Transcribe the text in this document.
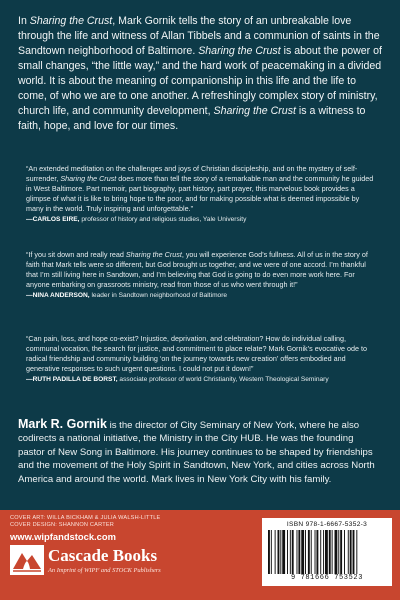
In Sharing the Crust, Mark Gornik tells the story of an unbreakable love through the life and witness of Allan Tibbels and a communion of saints in the Sandtown neighborhood of Baltimore. Sharing the Crust is about the power of small changes, “the little way,” and the hard work of peacemaking in a divided world. It is about the meaning of companionship in this life and the life to come, of who we are to one another. A refreshingly complex story of ministry, church life, and community development, Sharing the Crust is a witness to faith, hope, and love for our times.

“An extended meditation on the challenges and joys of Christian discipleship, and on the mystery of self-surrender, Sharing the Crust does more than tell the story of a remarkable man and the community he guided in West Baltimore. Part memoir, part biography, part history, part prayer, this marvelous book provides a glimpse of what it is like to bring hope to the poor, and for making possible what is deemed impossible by many in the world. Truly inspiring and unforgettable.”

—CARLOS EIRE, professor of history and religious studies, Yale University

“If you sit down and really read Sharing the Crust, you will experience God’s fullness. All of us in the story of faith that Mark tells were so different, but God brought us together, and we were of one accord. I’m thankful that I’m still living here in Sandtown, and I’m believing that God is going to do even more work here. For anyone embarking on grassroots ministry, read from those of us who went through it!”

—NINA ANDERSON, leader in Sandtown neighborhood of Baltimore

“Can pain, loss, and hope co-exist? Injustice, deprivation, and celebration? How do individual calling, communal vocation, the search for justice, and commitment to place relate? Mark Gornik’s evocative ode to radical friendship and community building ‘on the journey towards new creation’ offers embodied and generative responses to such urgent questions. I could not put it down!”

—RUTH PADILLA DE BORST, associate professor of world Christianity, Western Theological Seminary

Mark R. Gornik is the director of City Seminary of New York, where he also codirects a national initiative, the Ministry in the City HUB. He was the founding pastor of New Song in Baltimore. His journey continues to be shaped by friendships and the movement of the Holy Spirit in Sandtown, New York, and cities across North America and around the world. Mark lives in New York City with his family.

COVER ART: WILLA BICKHAM & JULIA WALSH-LITTLE
COVER DESIGN: SHANNON CARTER
www.wipfandstock.com
Cascade Books
An Imprint of WIPF and STOCK Publishers
ISBN 978-1-6667-5352-3
9 781666 753523
